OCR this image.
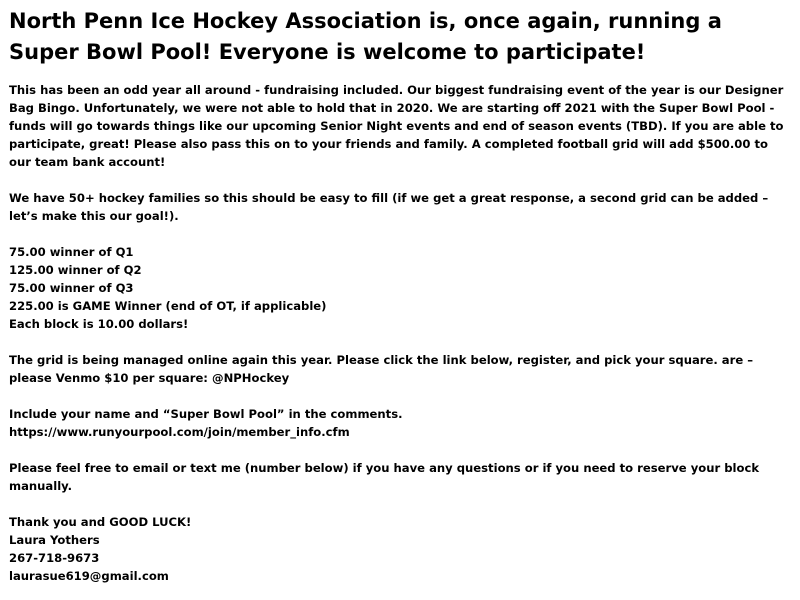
North Penn Ice Hockey Association is, once again, running a Super Bowl Pool! Everyone is welcome to participate!

This has been an odd year all around - fundraising included. Our biggest fundraising event of the year is our Designer Bag Bingo. Unfortunately, we were not able to hold that in 2020. We are starting off 2021 with the Super Bowl Pool - funds will go towards things like our upcoming Senior Night events and end of season events (TBD). If you are able to participate, great! Please also pass this on to your friends and family. A completed football grid will add $500.00 to our team bank account!

We have 50+ hockey families so this should be easy to fill (if we get a great response, a second grid can be added – let’s make this our goal!).

75.00 winner of Q1
125.00 winner of Q2
75.00 winner of Q3
225.00 is GAME Winner (end of OT, if applicable)
Each block is 10.00 dollars!

The grid is being managed online again this year. Please click the link below, register, and pick your square. are – please Venmo $10 per square: @NPHockey

Include your name and “Super Bowl Pool” in the comments.
https://www.runyourpool.com/join/member_info.cfm

Please feel free to email or text me (number below) if you have any questions or if you need to reserve your block manually.

Thank you and GOOD LUCK!
Laura Yothers
267-718-9673
laurasue619@gmail.com
